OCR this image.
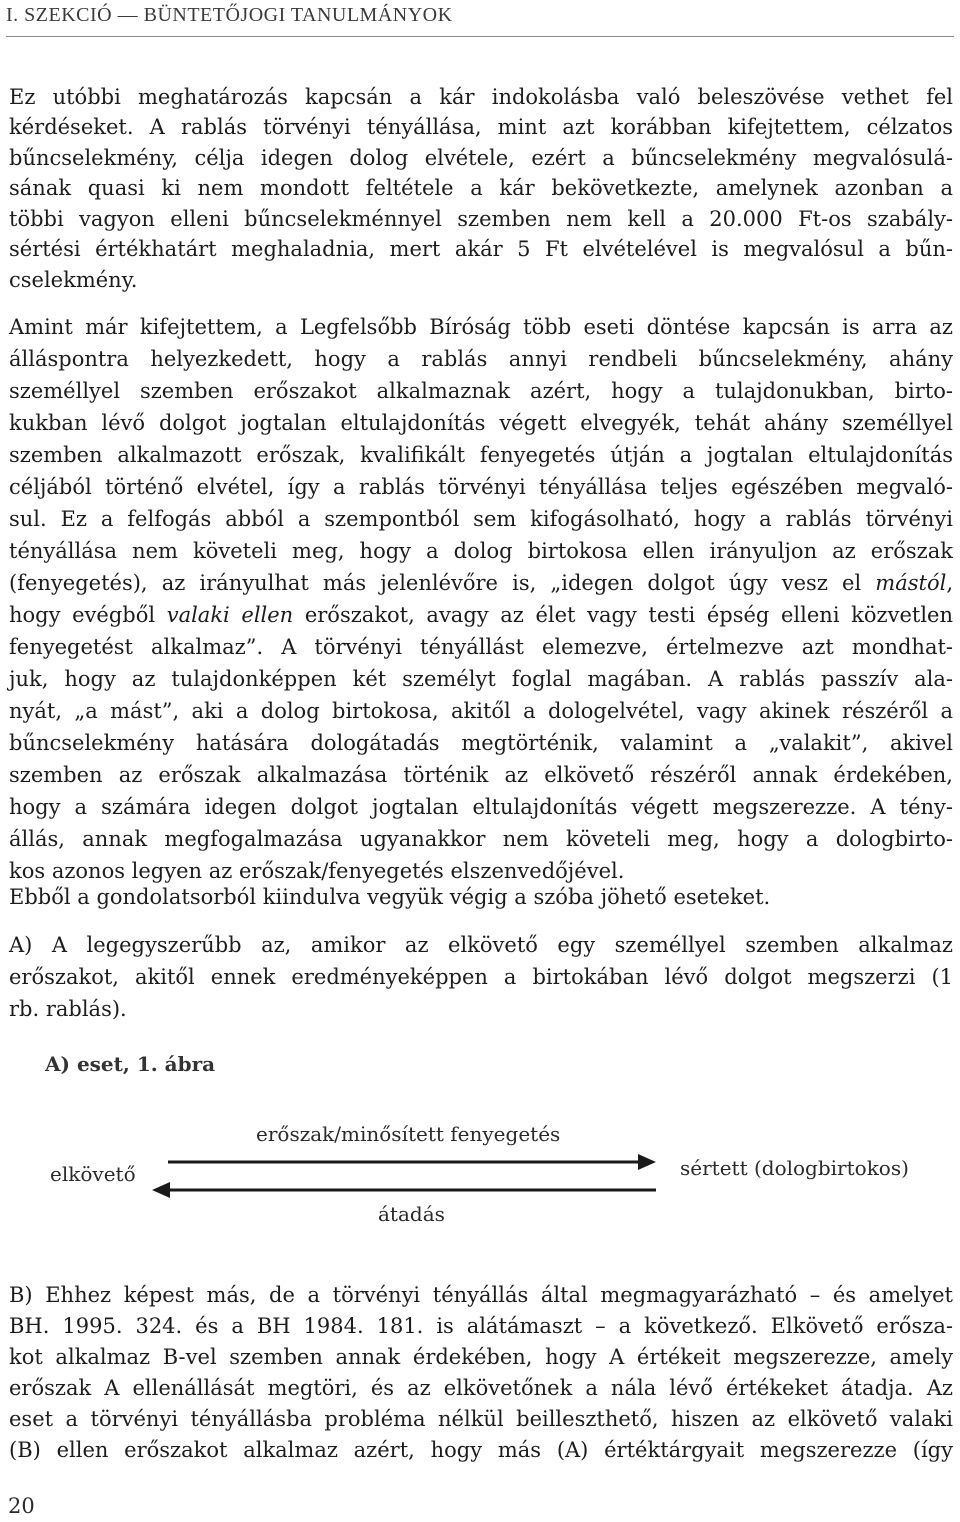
I. SZEKCIÓ — BÜNTETŐJOGI TANULMÁNYOK
Ez utóbbi meghatározás kapcsán a kár indokolásba való beleszövése vethet fel
kérdéseket. A rablás törvényi tényállása, mint azt korábban kifejtettem, célzatos
bűncselekmény, célja idegen dolog elvétele, ezért a bűncselekmény megvalósulá-
sának quasi ki nem mondott feltétele a kár bekövetkezte, amelynek azonban a
többi vagyon elleni bűncselekménnyel szemben nem kell a 20.000 Ft-os szabály-
sértési értékhatárt meghaladnia, mert akár 5 Ft elvételével is megvalósul a bűn-
cselekmény.
Amint már kifejtettem, a Legfelsőbb Bíróság több eseti döntése kapcsán is arra az
álláspontra helyezkedett, hogy a rablás annyi rendbeli bűncselekmény, ahány
személlyel szemben erőszakot alkalmaznak azért, hogy a tulajdonukban, birto-
kukban lévő dolgot jogtalan eltulajdonítás végett elvegyék, tehát ahány személlyel
szemben alkalmazott erőszak, kvalifikált fenyegetés útján a jogtalan eltulajdonítás
céljából történő elvétel, így a rablás törvényi tényállása teljes egészében megvaló-
sul. Ez a felfogás abból a szempontból sem kifogásolható, hogy a rablás törvényi
tényállása nem követeli meg, hogy a dolog birtokosa ellen irányuljon az erőszak
(fenyegetés), az irányulhat más jelenlévőre is, „idegen dolgot úgy vesz el mástól,
hogy evégből valaki ellen erőszakot, avagy az élet vagy testi épség elleni közvetlen
fenyegetést alkalmaz”. A törvényi tényállást elemezve, értelmezve azt mondhat-
juk, hogy az tulajdonképpen két személyt foglal magában. A rablás passzív ala-
nyát, „a mást”, aki a dolog birtokosa, akitől a dologelvétel, vagy akinek részéről a
bűncselekmény hatására dologátadás megtörténik, valamint a „valakit”, akivel
szemben az erőszak alkalmazása történik az elkövető részéről annak érdekében,
hogy a számára idegen dolgot jogtalan eltulajdonítás végett megszerezze. A tény-
állás, annak megfogalmazása ugyanakkor nem követeli meg, hogy a dologbirto-
kos azonos legyen az erőszak/fenyegetés elszenvedőjével.
Ebből a gondolatsorból kiindulva vegyük végig a szóba jöhető eseteket.
A) A legegyszerűbb az, amikor az elkövető egy személlyel szemben alkalmaz
erőszakot, akitől ennek eredményeképpen a birtokában lévő dolgot megszerzi (1
rb. rablás).
A) eset, 1. ábra
elkövető	sértett (dologbirtokos)
erőszak/minősített fenyegetés
átadás
B) Ehhez képest más, de a törvényi tényállás által megmagyarázható – és amelyet
BH. 1995. 324. és a BH 1984. 181. is alátámaszt – a következő. Elkövető erősza-
kot alkalmaz B-vel szemben annak érdekében, hogy A értékeit megszerezze, amely
erőszak A ellenállását megtöri, és az elkövetőnek a nála lévő értékeket átadja. Az
eset a törvényi tényállásba probléma nélkül beilleszthető, hiszen az elkövető valaki
(B) ellen erőszakot alkalmaz azért, hogy más (A) értéktárgyait megszerezze (így
20
